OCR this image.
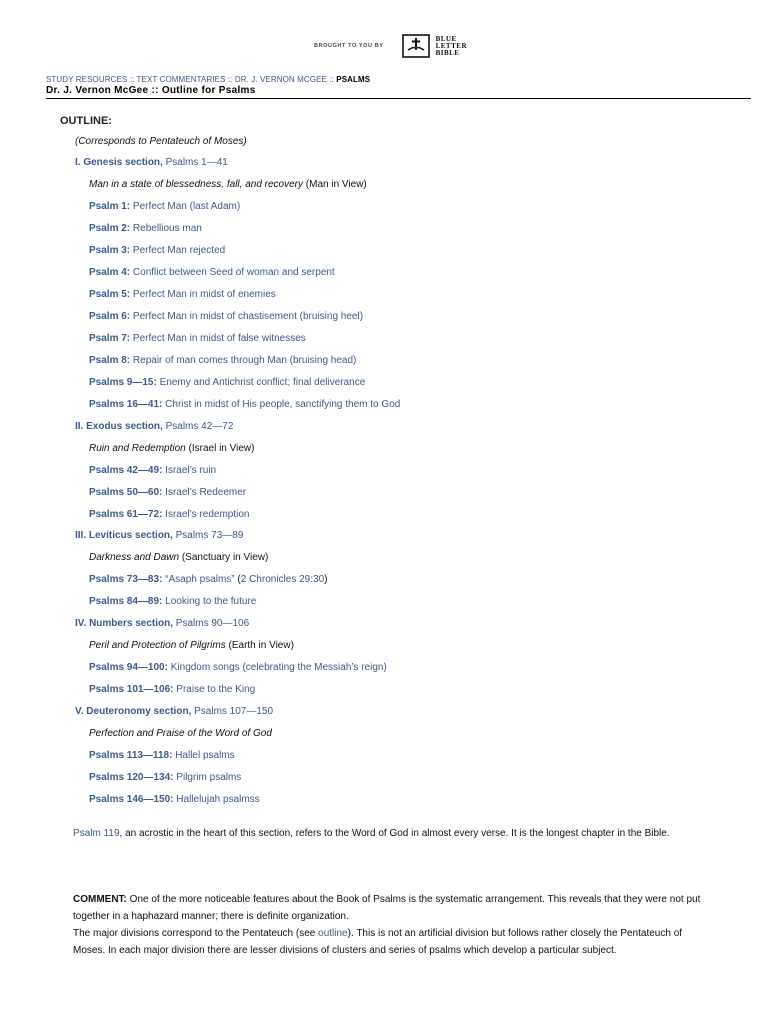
BROUGHT TO YOU BY
BLUE
LETTER
BIBLE
STUDY RESOURCES :: TEXT COMMENTARIES :: DR. J. VERNON MCGEE :: PSALMS
Dr. J. Vernon McGee :: Outline for Psalms
OUTLINE:
(Corresponds to Pentateuch of Moses)
I. Genesis section, Psalms 1—41
Man in a state of blessedness, fall, and recovery (Man in View)
Psalm 1: Perfect Man (last Adam)
Psalm 2: Rebellious man
Psalm 3: Perfect Man rejected
Psalm 4: Conflict between Seed of woman and serpent
Psalm 5: Perfect Man in midst of enemies
Psalm 6: Perfect Man in midst of chastisement (bruising heel)
Psalm 7: Perfect Man in midst of false witnesses
Psalm 8: Repair of man comes through Man (bruising head)
Psalms 9—15: Enemy and Antichrist conflict; final deliverance
Psalms 16—41: Christ in midst of His people, sanctifying them to God
II. Exodus section, Psalms 42—72
Ruin and Redemption (Israel in View)
Psalms 42—49: Israel’s ruin
Psalms 50—60: Israel’s Redeemer
Psalms 61—72: Israel’s redemption
III. Leviticus section, Psalms 73—89
Darkness and Dawn (Sanctuary in View)
Psalms 73—83: “Asaph psalms” (2 Chronicles 29:30)
Psalms 84—89: Looking to the future
IV. Numbers section, Psalms 90—106
Peril and Protection of Pilgrims (Earth in View)
Psalms 94—100: Kingdom songs (celebrating the Messiah’s reign)
Psalms 101—106: Praise to the King
V. Deuteronomy section, Psalms 107—150
Perfection and Praise of the Word of God
Psalms 113—118: Hallel psalms
Psalms 120—134: Pilgrim psalms
Psalms 146—150: Hallelujah psalmss
Psalm 119, an acrostic in the heart of this section, refers to the Word of God in almost every verse. It is the longest chapter in the Bible.
COMMENT: One of the more noticeable features about the Book of Psalms is the systematic arrangement. This reveals that they were not put together in a haphazard manner; there is definite organization.
The major divisions correspond to the Pentateuch (see outline). This is not an artificial division but follows rather closely the Pentateuch of Moses. In each major division there are lesser divisions of clusters and series of psalms which develop a particular subject.
